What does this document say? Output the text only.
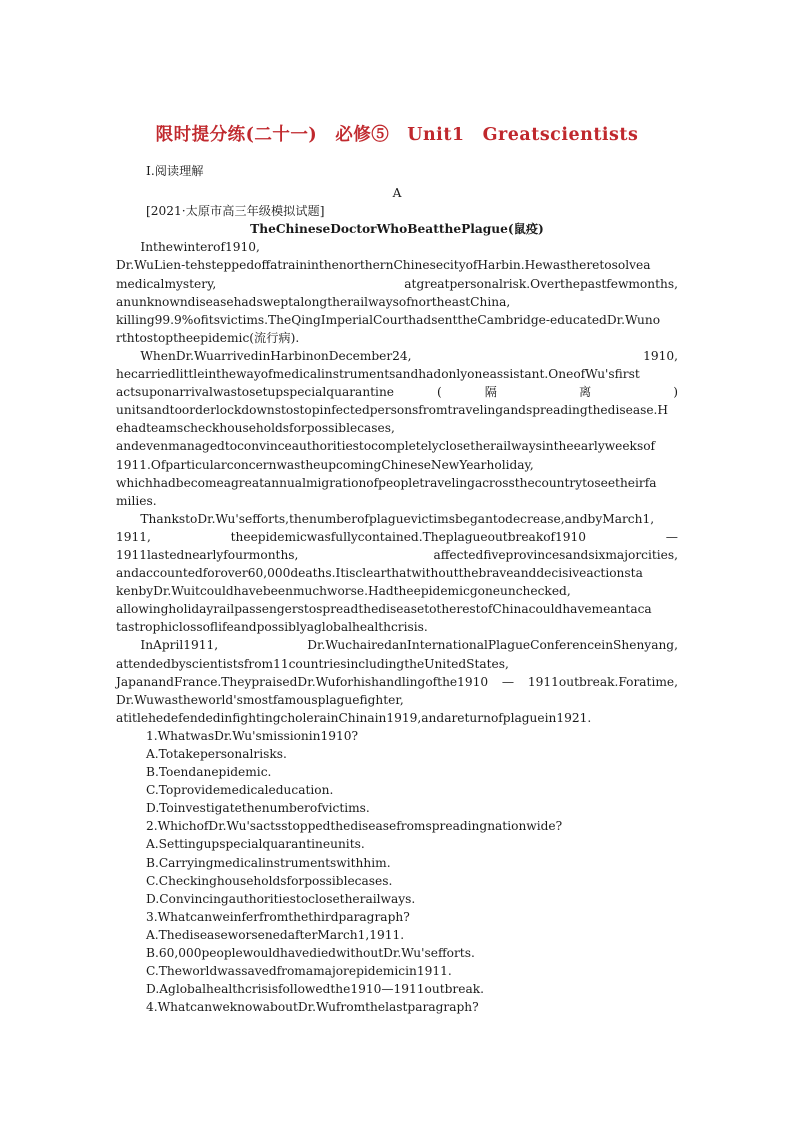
限时提分练(二十一)　必修⑤　Unit1　Greatscientists
Ⅰ.阅读理解
A
[2021·太原市高三年级模拟试题]
TheChineseDoctorWhoBeatthePlague(鼠疫)

Inthewinterof1910,

Dr.WuLien-tehsteppedoffatraininthenorthernChinesecityofHarbin.Hewastheretosolvea

medicalmystery, atgreatpersonalrisk.Overthepastfewmonths,

anunknowndiseasehadsweptalongtherailwaysofnortheastChina,

killing99.9%ofitsvictims.TheQingImperialCourthadsenttheCambridge-educatedDr.Wuno

rthtostoptheepidemic(流行病).

WhenDr.WuarrivedinHarbinonDecember24, 1910,

hecarriedlittleinthewayofmedicalinstrumentsandhadonlyoneassistant.OneofWu'sfirst

actsuponarrivalwastosetupspecialquarantine ( 隔 离 )

unitsandtoorderlockdownstostopinfectedpersonsfromtravelingandspreadingthedisease.H

ehadteamscheckhouseholdsforpossiblecases,

andevenmanagedtoconvinceauthoritiestocompletelyclosetherailwaysintheearlyweeksof

1911.OfparticularconcernwastheupcomingChineseNewYearholiday,

whichhadbecomeagreatannualmigrationofpeopletravelingacrossthecountrytoseetheirfa

milies.

ThankstoDr.Wu'sefforts,thenumberofplaguevictimsbegantodecrease,andbyMarch1,

1911, theepidemicwasfullycontained.Theplagueoutbreakof1910 —

1911lastednearlyfourmonths, affectedfiveprovincesandsixmajorcities,

andaccountedforover60,000deaths.Itisclearthatwithoutthebraveanddecisiveactionsta

kenbyDr.Wuitcouldhavebeenmuchworse.Hadtheepidemicgoneunchecked,

allowingholidayrailpassengerstospreadthediseasetotherestofChinacouldhavemeantaca

tastrophiclossoflifeandpossiblyaglobalhealthcrisis.

InApril1911, Dr.WuchairedanInternationalPlagueConferenceinShenyang,

attendedbyscientistsfrom11countriesincludingtheUnitedStates,

JapanandFrance.TheypraisedDr.Wuforhishandlingofthe1910 — 1911outbreak.Foratime,

Dr.Wuwastheworld'smostfamousplaguefighter,

atitlehedefendedinfightingcholerainChinain1919,andareturnofplaguein1921.

1.WhatwasDr.Wu'smissionin1910?
A.Totakepersonalrisks.
B.Toendanepidemic.
C.Toprovidemedicaleducation.
D.Toinvestigatethenumberofvictims.
2.WhichofDr.Wu'sactsstoppedthediseasefromspreadingnationwide?
A.Settingupspecialquarantineunits.
B.Carryingmedicalinstrumentswithhim.
C.Checkinghouseholdsforpossiblecases.
D.Convincingauthoritiestoclosetherailways.
3.Whatcanweinferfromthethirdparagraph?
A.ThediseaseworsenedafterMarch1,1911.
B.60,000peoplewouldhavediedwithoutDr.Wu'sefforts.
C.Theworldwassavedfromamajorepidemicin1911.
D.Aglobalhealthcrisisfollowedthe1910—1911outbreak.
4.WhatcanweknowaboutDr.Wufromthelastparagraph?
